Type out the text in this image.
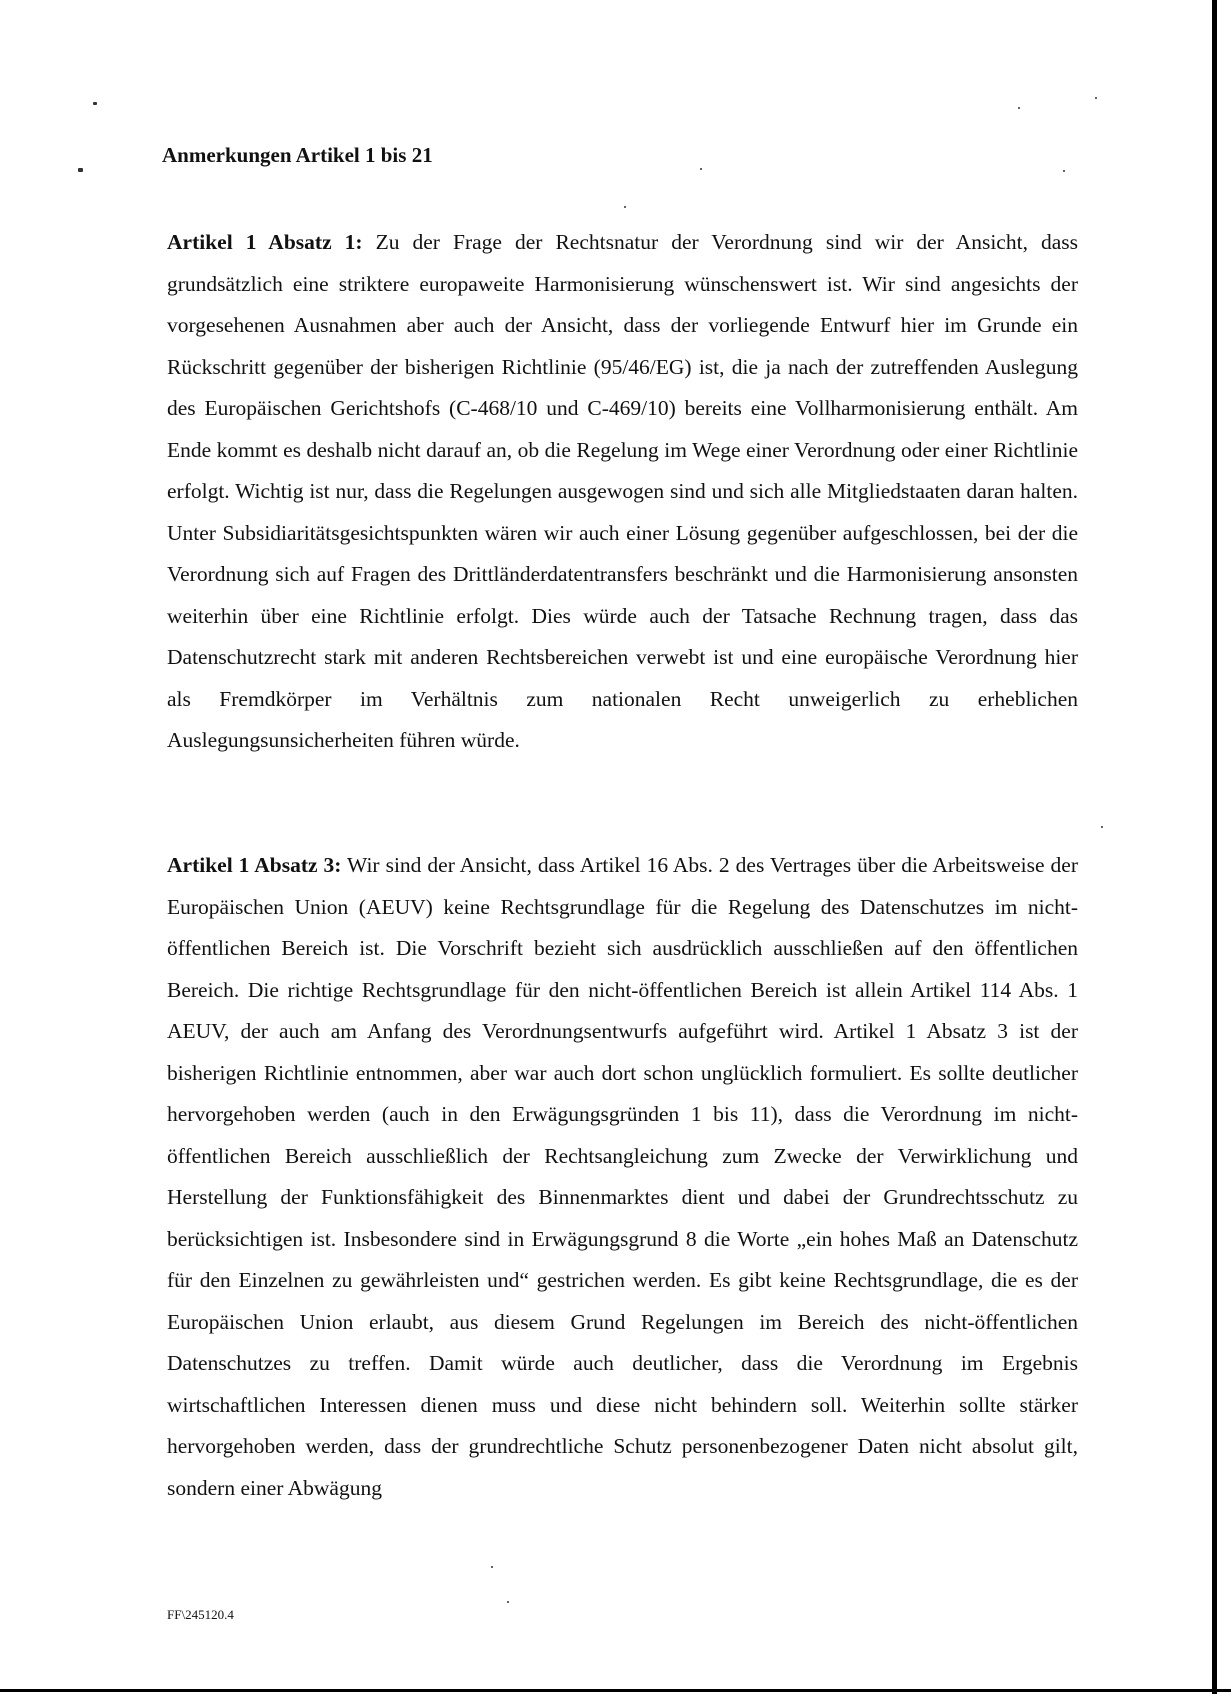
Anmerkungen Artikel 1 bis 21

Artikel 1 Absatz 1: Zu der Frage der Rechtsnatur der Verordnung sind wir der Ansicht, dass grundsätzlich eine striktere europaweite Harmonisierung wünschenswert ist. Wir sind angesichts der vorgesehenen Ausnahmen aber auch der Ansicht, dass der vorliegende Entwurf hier im Grunde ein Rückschritt gegenüber der bisherigen Richtlinie (95/46/EG) ist, die ja nach der zutreffenden Auslegung des Europäischen Gerichtshofs (C-468/10 und C-469/10) bereits eine Vollharmonisierung enthält. Am Ende kommt es deshalb nicht darauf an, ob die Regelung im Wege einer Verordnung oder einer Richtlinie erfolgt. Wichtig ist nur, dass die Regelungen ausgewogen sind und sich alle Mitgliedstaaten daran halten. Unter Subsidiaritätsgesichtspunkten wären wir auch einer Lösung gegenüber aufgeschlossen, bei der die Verordnung sich auf Fragen des Drittländerdatentransfers beschränkt und die Harmonisierung ansonsten weiterhin über eine Richtlinie erfolgt. Dies würde auch der Tatsache Rechnung tragen, dass das Datenschutzrecht stark mit anderen Rechtsbereichen verwebt ist und eine europäische Verordnung hier als Fremdkörper im Verhältnis zum nationalen Recht unweigerlich zu erheblichen Auslegungsunsicherheiten führen würde.

Artikel 1 Absatz 3: Wir sind der Ansicht, dass Artikel 16 Abs. 2 des Vertrages über die Arbeitsweise der Europäischen Union (AEUV) keine Rechtsgrundlage für die Regelung des Datenschutzes im nicht-öffentlichen Bereich ist. Die Vorschrift bezieht sich ausdrücklich ausschließen auf den öffentlichen Bereich. Die richtige Rechtsgrundlage für den nicht-öffentlichen Bereich ist allein Artikel 114 Abs. 1 AEUV, der auch am Anfang des Verordnungsentwurfs aufgeführt wird. Artikel 1 Absatz 3 ist der bisherigen Richtlinie entnommen, aber war auch dort schon unglücklich formuliert. Es sollte deutlicher hervorgehoben werden (auch in den Erwägungsgründen 1 bis 11), dass die Verordnung im nicht-öffentlichen Bereich ausschließlich der Rechtsangleichung zum Zwecke der Verwirklichung und Herstellung der Funktionsfähigkeit des Binnenmarktes dient und dabei der Grundrechtsschutz zu berücksichtigen ist. Insbesondere sind in Erwägungsgrund 8 die Worte „ein hohes Maß an Datenschutz für den Einzelnen zu gewährleisten und“ gestrichen werden. Es gibt keine Rechtsgrundlage, die es der Europäischen Union erlaubt, aus diesem Grund Regelungen im Bereich des nicht-öffentlichen Datenschutzes zu treffen. Damit würde auch deutlicher, dass die Verordnung im Ergebnis wirtschaftlichen Interessen dienen muss und diese nicht behindern soll. Weiterhin sollte stärker hervorgehoben werden, dass der grundrechtliche Schutz personenbezogener Daten nicht absolut gilt, sondern einer Abwägung

FF\245120.4
